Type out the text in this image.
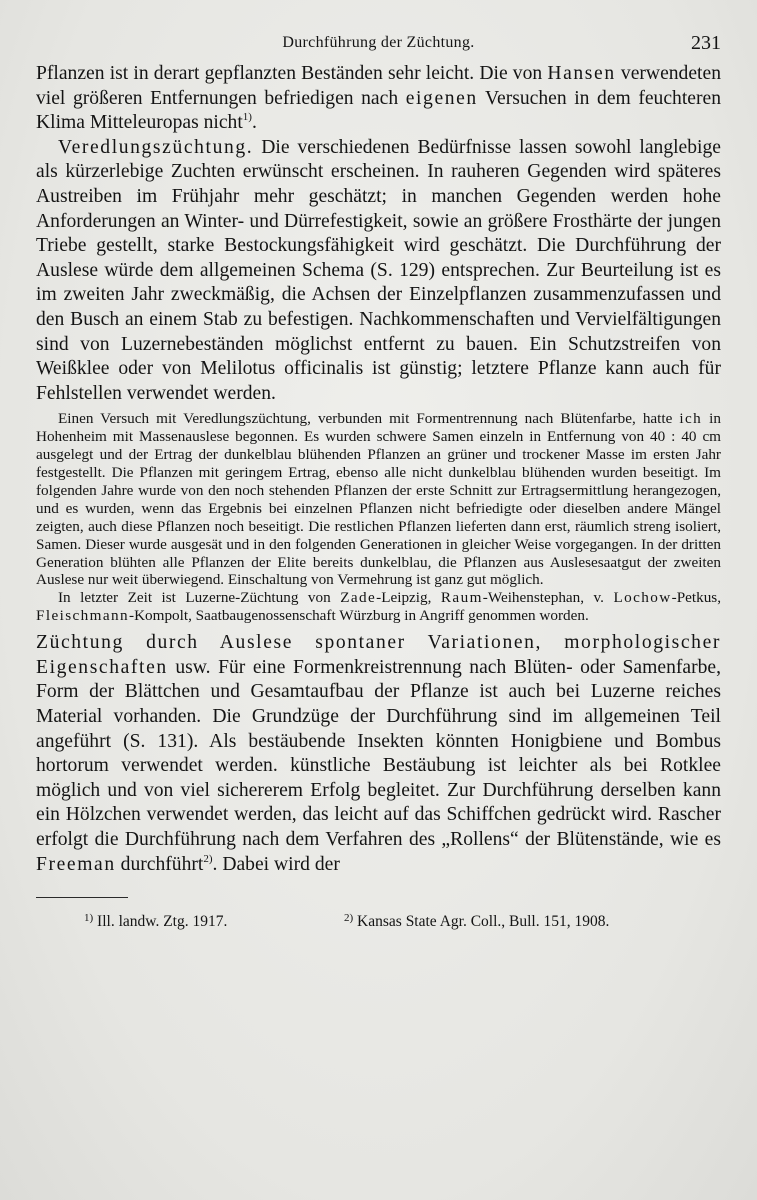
Durchführung der Züchtung.	231

Pflanzen ist in derart gepflanzten Beständen sehr leicht. Die von Hansen verwendeten viel größeren Entfernungen befriedigen nach eigenen Versuchen in dem feuchteren Klima Mitteleuropas nicht$^{1)}$.

Veredlungszüchtung. Die verschiedenen Bedürfnisse lassen sowohl langlebige als kürzerlebige Zuchten erwünscht erscheinen. In rauheren Gegenden wird späteres Austreiben im Frühjahr mehr geschätzt; in manchen Gegenden werden hohe Anforderungen an Winter- und Dürrefestigkeit, sowie an größere Frosthärte der jungen Triebe gestellt, starke Bestockungsfähigkeit wird geschätzt. Die Durchführung der Auslese würde dem allgemeinen Schema (S. 129) entsprechen. Zur Beurteilung ist es im zweiten Jahr zweckmäßig, die Achsen der Einzelpflanzen zusammenzufassen und den Busch an einem Stab zu befestigen. Nachkommenschaften und Vervielfältigungen sind von Luzernebeständen möglichst entfernt zu bauen. Ein Schutzstreifen von Weißklee oder von Melilotus officinalis ist günstig; letztere Pflanze kann auch für Fehlstellen verwendet werden.

Einen Versuch mit Veredlungszüchtung, verbunden mit Formentrennung nach Blütenfarbe, hatte ich in Hohenheim mit Massenauslese begonnen. Es wurden schwere Samen einzeln in Entfernung von 40 : 40 cm ausgelegt und der Ertrag der dunkelblau blühenden Pflanzen an grüner und trockener Masse im ersten Jahr festgestellt. Die Pflanzen mit geringem Ertrag, ebenso alle nicht dunkelblau blühenden wurden beseitigt. Im folgenden Jahre wurde von den noch stehenden Pflanzen der erste Schnitt zur Ertragsermittlung herangezogen, und es wurden, wenn das Ergebnis bei einzelnen Pflanzen nicht befriedigte oder dieselben andere Mängel zeigten, auch diese Pflanzen noch beseitigt. Die restlichen Pflanzen lieferten dann erst, räumlich streng isoliert, Samen. Dieser wurde ausgesät und in den folgenden Generationen in gleicher Weise vorgegangen. In der dritten Generation blühten alle Pflanzen der Elite bereits dunkelblau, die Pflanzen aus Auslesesaatgut der zweiten Auslese nur weit überwiegend. Einschaltung von Vermehrung ist ganz gut möglich.

In letzter Zeit ist Luzerne-Züchtung von Zade-Leipzig, Raum-Weihenstephan, v. Lochow-Petkus, Fleischmann-Kompolt, Saatbaugenossenschaft Würzburg in Angriff genommen worden.

Züchtung durch Auslese spontaner Variationen, morphologischer Eigenschaften usw. Für eine Formenkreistrennung nach Blüten- oder Samenfarbe, Form der Blättchen und Gesamtaufbau der Pflanze ist auch bei Luzerne reiches Material vorhanden. Die Grundzüge der Durchführung sind im allgemeinen Teil angeführt (S. 131). Als bestäubende Insekten könnten Honigbiene und Bombus hortorum verwendet werden. künstliche Bestäubung ist leichter als bei Rotklee möglich und von viel sichererem Erfolg begleitet. Zur Durchführung derselben kann ein Hölzchen verwendet werden, das leicht auf das Schiffchen gedrückt wird. Rascher erfolgt die Durchführung nach dem Verfahren des „Rollens“ der Blütenstände, wie es Freeman durchführt$^{2)}$. Dabei wird der

$^{1)}$ Ill. landw. Ztg. 1917.	$^{2)}$ Kansas State Agr. Coll., Bull. 151, 1908.
